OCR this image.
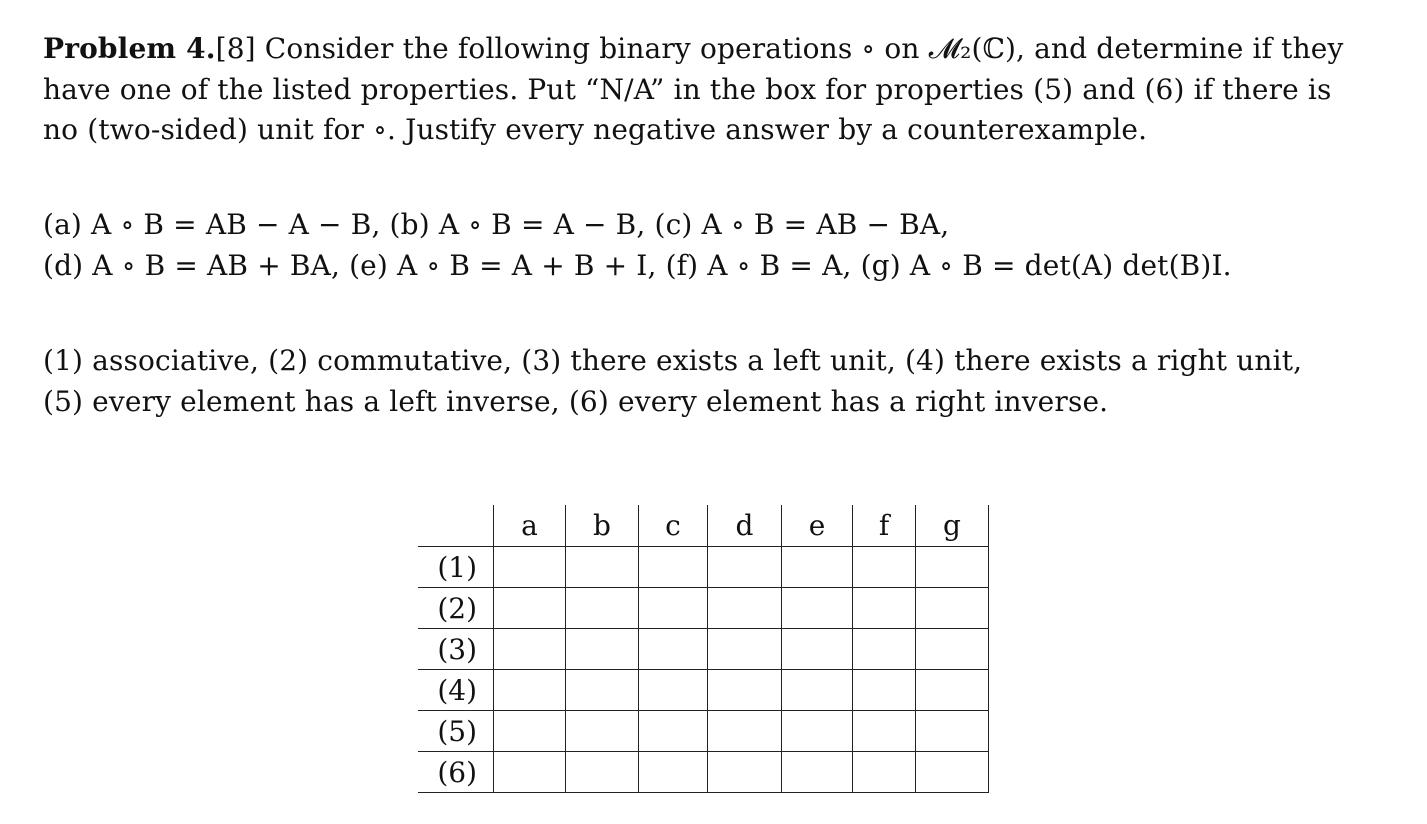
Problem 4.[8] Consider the following binary operations ∘ on 𝓜₂(ℂ), and determine if they
have one of the listed properties. Put “N/A” in the box for properties (5) and (6) if there is
no (two-sided) unit for ∘. Justify every negative answer by a counterexample.

(a) A ∘ B = AB − A − B, (b) A ∘ B = A − B, (c) A ∘ B = AB − BA,
(d) A ∘ B = AB + BA, (e) A ∘ B = A + B + I, (f) A ∘ B = A, (g) A ∘ B = det(A) det(B)I.

(1) associative, (2) commutative, (3) there exists a left unit, (4) there exists a right unit,
(5) every element has a left inverse, (6) every element has a right inverse.

	a	b	c	d	e	f	g
(1)							
(2)							
(3)							
(4)							
(5)							
(6)							
